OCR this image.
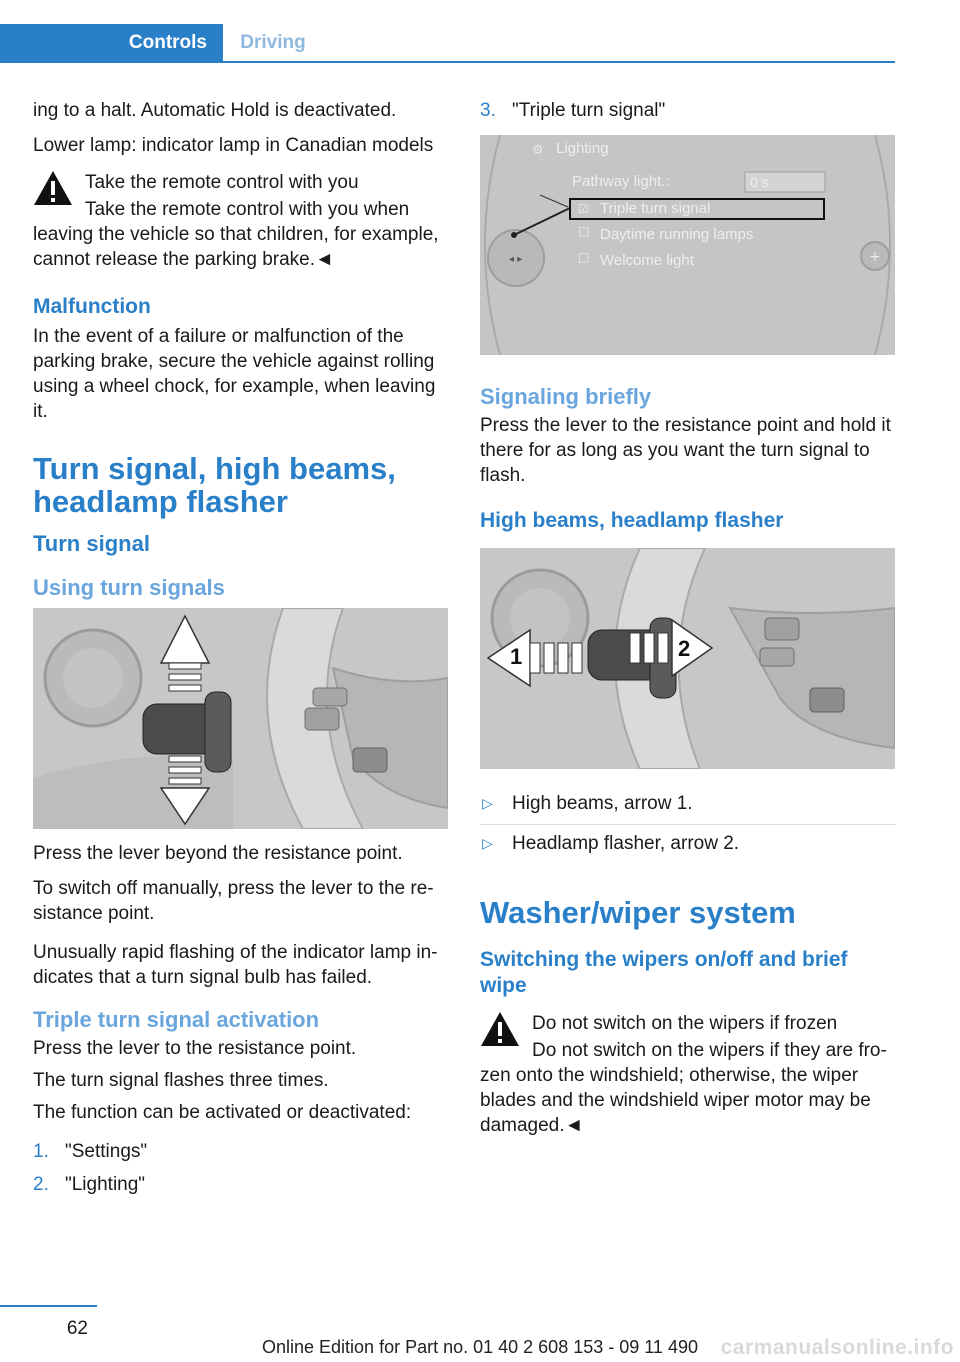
Controls	Driving

ing to a halt. Automatic Hold is deactivated.

Lower lamp: indicator lamp in Canadian models

Take the remote control with you

Take the remote control with you when leaving the vehicle so that children, for example, cannot release the parking brake.◄

Malfunction

In the event of a failure or malfunction of the parking brake, secure the vehicle against rolling using a wheel chock, for example, when leaving it.

Turn signal, high beams, headlamp flasher
Turn signal
Using turn signals

Press the lever beyond the resistance point.

To switch off manually, press the lever to the re‐sistance point.

Unusually rapid flashing of the indicator lamp in‐dicates that a turn signal bulb has failed.

Triple turn signal activation

Press the lever to the resistance point.

The turn signal flashes three times.

The function can be activated or deactivated:

1. "Settings"
2. "Lighting"
3. "Triple turn signal"
◂ ▸	+
⚙
□
□
☑
Lighting
Pathway light.:	0 s
Triple turn signal
Daytime running lamps
Welcome light
Signaling briefly

Press the lever to the resistance point and hold it there for as long as you want the turn signal to flash.

High beams, headlamp flasher
1	2
▷ High beams, arrow 1.
▷ Headlamp flasher, arrow 2.
Washer/wiper system
Switching the wipers on/off and brief wipe

Do not switch on the wipers if frozen

Do not switch on the wipers if they are fro‐zen onto the windshield; otherwise, the wiper blades and the windshield wiper motor may be damaged.◄

62
Online Edition for Part no. 01 40 2 608 153 - 09 11 490	carmanualsonline.info
